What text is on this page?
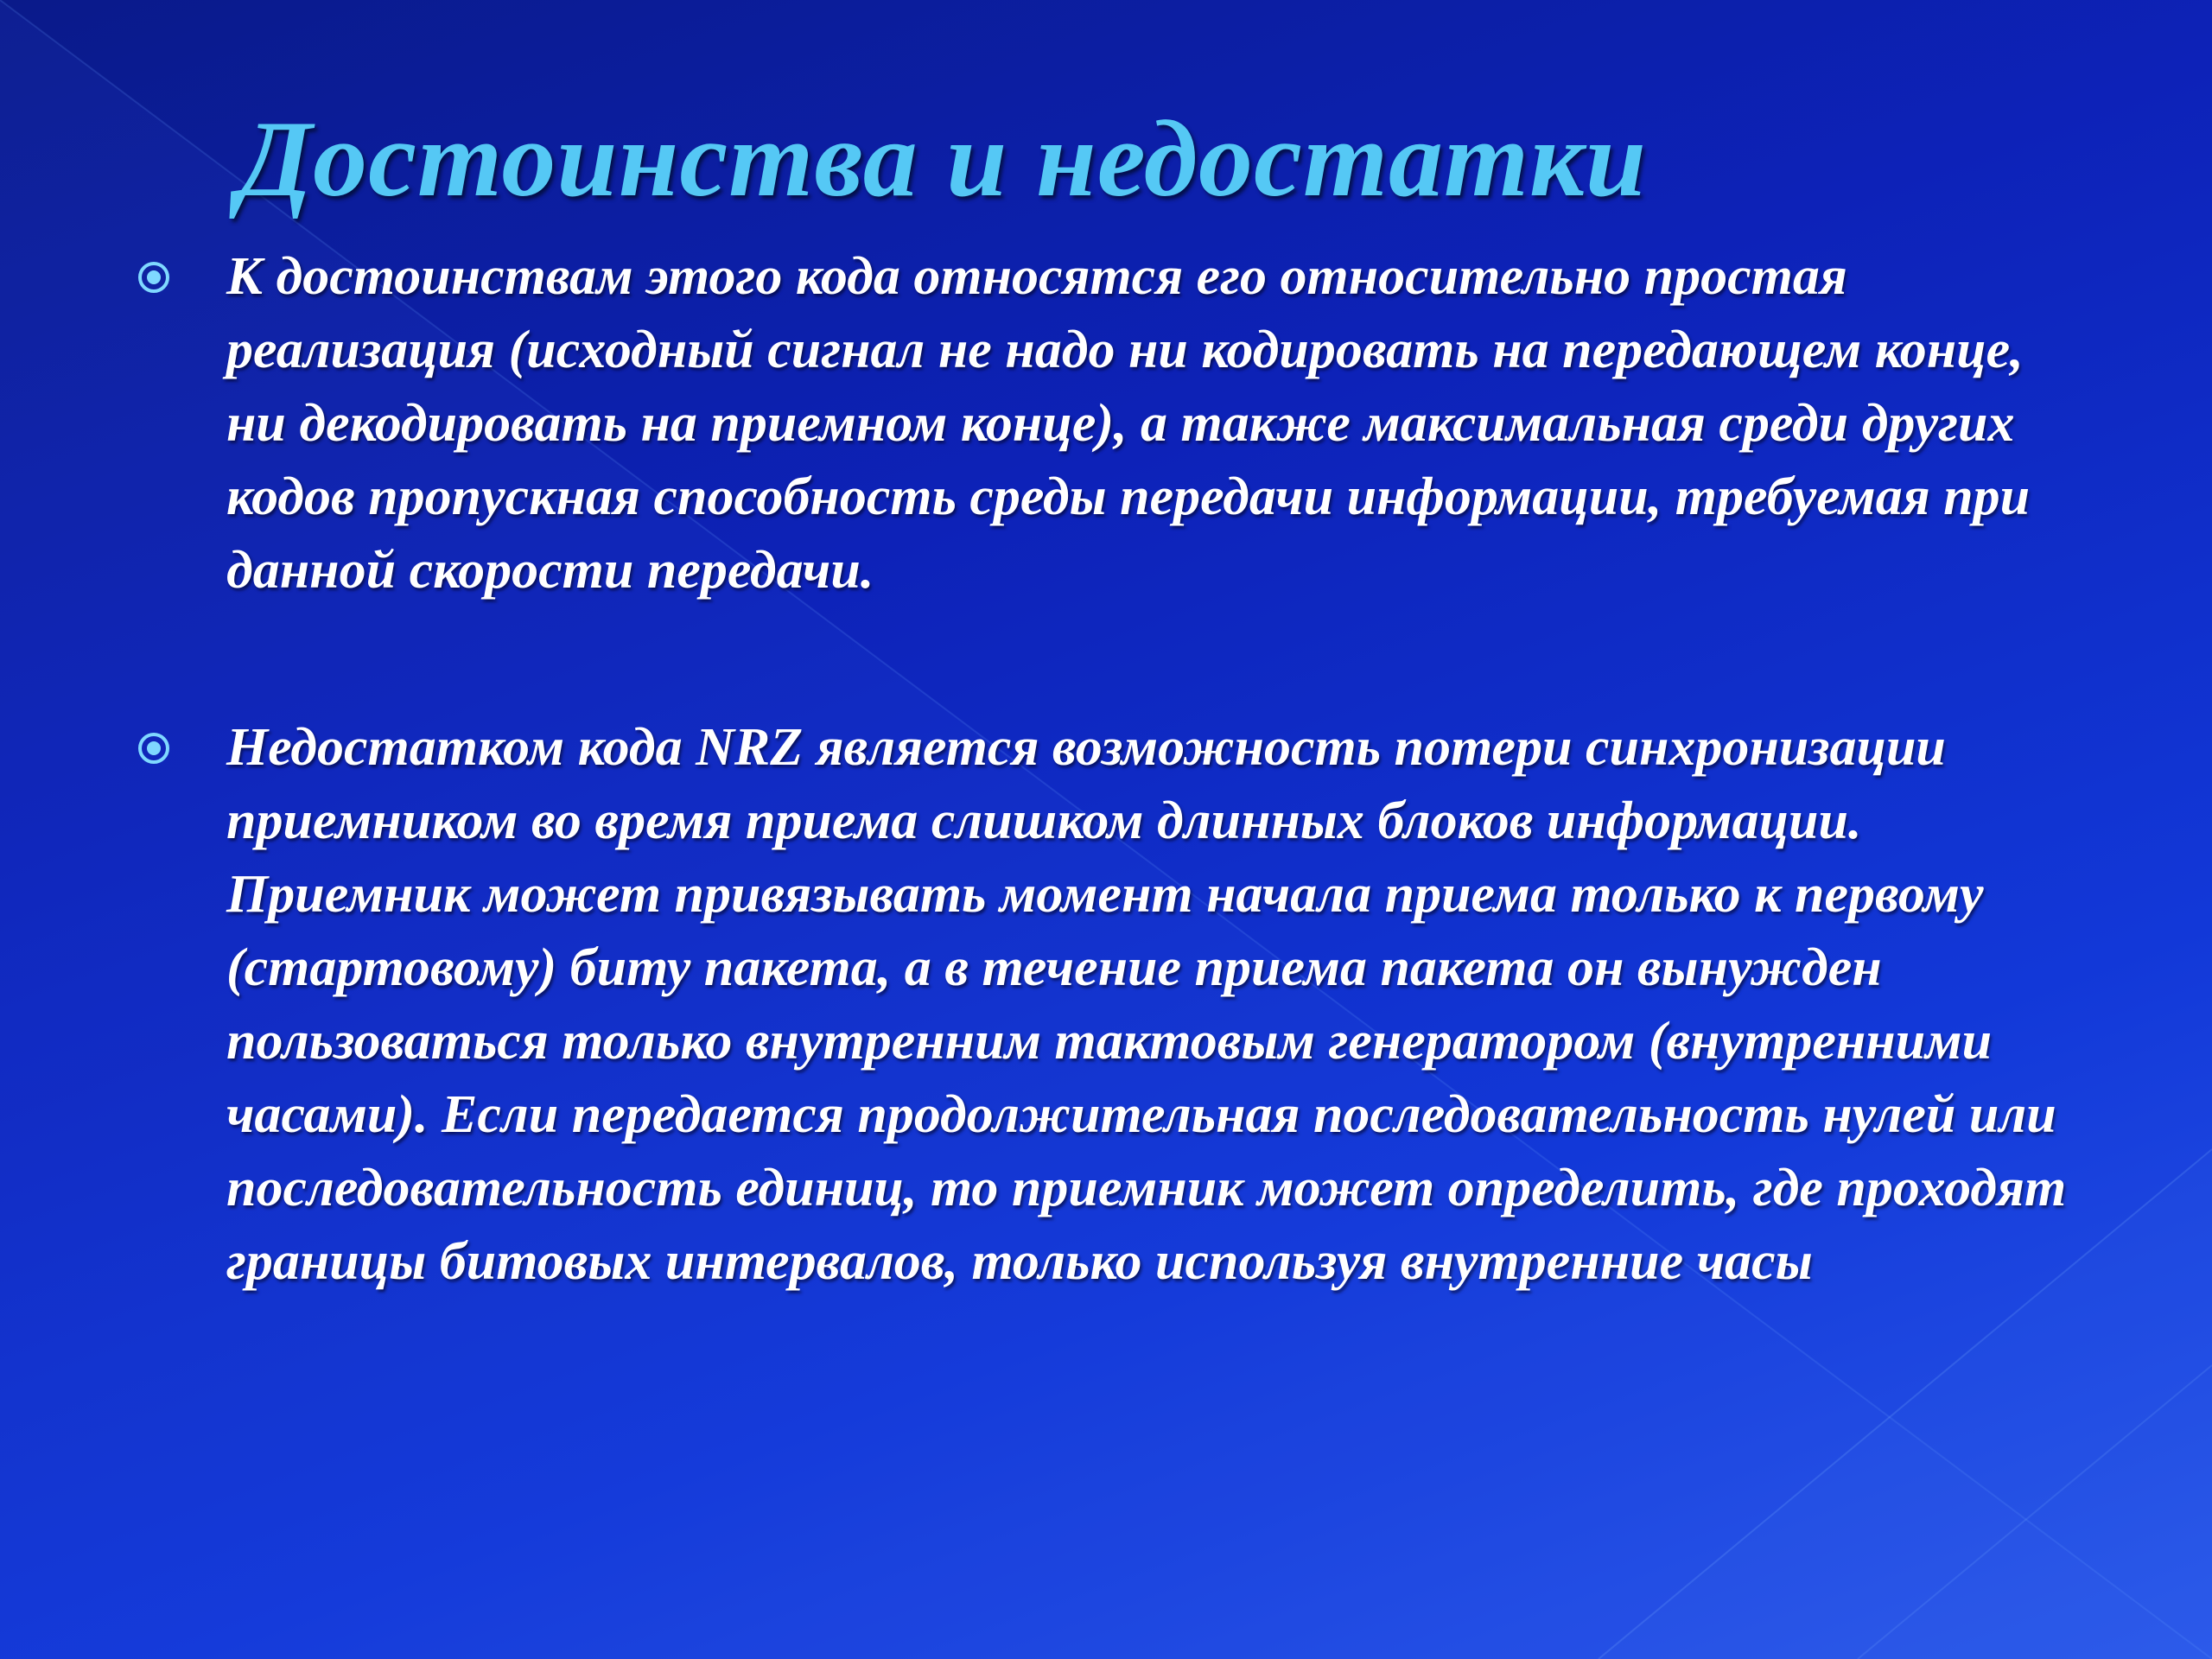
Достоинства и недостатки
К достоинствам этого кода относятся его относительно простая реализация (исходный сигнал не надо ни кодировать на передающем конце, ни декодировать на приемном конце), а также максимальная среди других кодов пропускная способность среды передачи информации, требуемая при данной скорости передачи.
Недостатком кода NRZ является возможность потери синхронизации приемником во время приема слишком длинных блоков информации. Приемник может привязывать момент начала приема только к первому (стартовому) биту пакета, а в течение приема пакета он вынужден пользоваться только внутренним тактовым генератором (внутренними часами). Если передается продолжительная последовательность нулей или последовательность единиц, то приемник может определить, где проходят границы битовых интервалов, только используя внутренние часы
